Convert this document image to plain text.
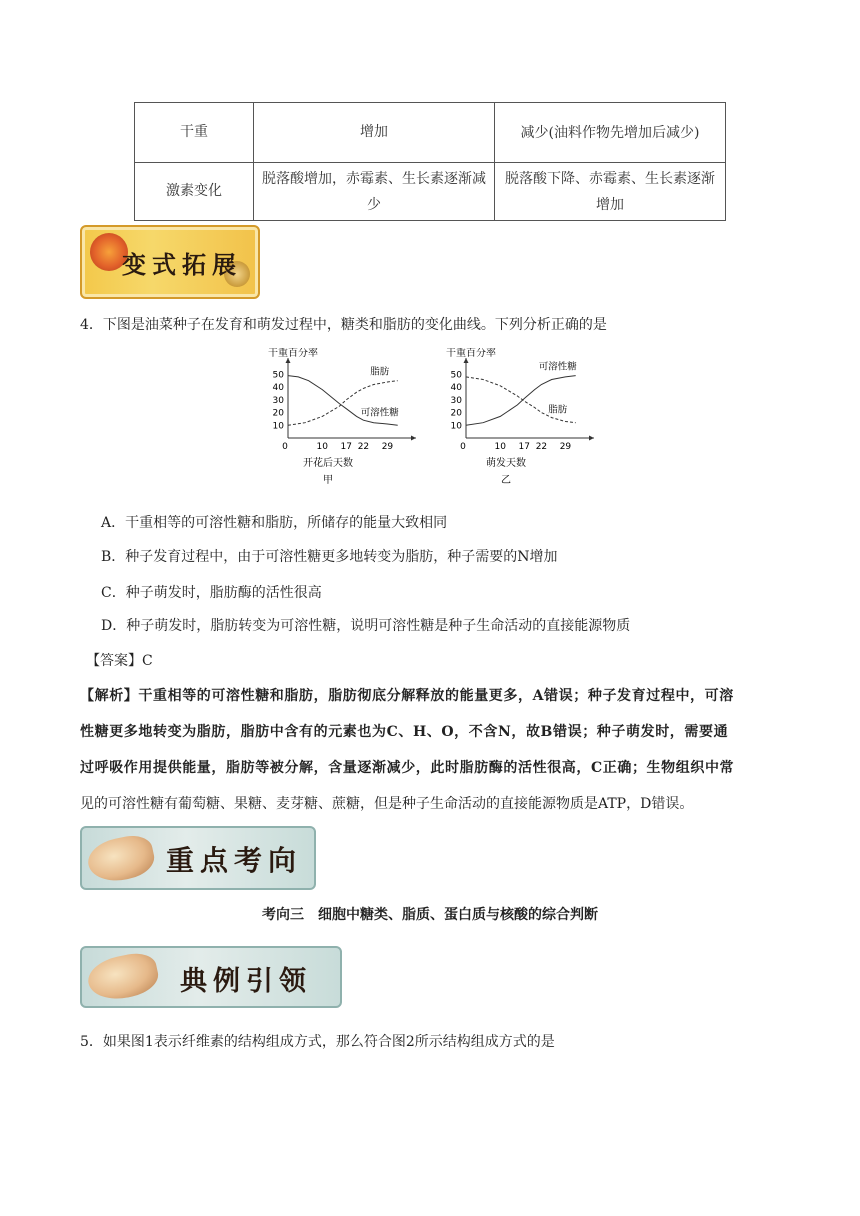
干重	增加	减少(油料作物先增加后减少)
激素变化	脱落酸增加，赤霉素、生长素逐渐减少	脱落酸下降、赤霉素、生长素逐渐增加
变式拓展
4．下图是油菜种子在发育和萌发过程中，糖类和脂肪的变化曲线。下列分析正确的是
0	10 17 22 29
10
20
30
40
50
干重百分率
开花后天数
甲
脂肪
可溶性糖
0	10 17 22 29
10
20
30
40
50
干重百分率
萌发天数
乙
可溶性糖
脂肪
A．干重相等的可溶性糖和脂肪，所储存的能量大致相同
B．种子发育过程中，由于可溶性糖更多地转变为脂肪，种子需要的N增加
C．种子萌发时，脂肪酶的活性很高
D．种子萌发时，脂肪转变为可溶性糖，说明可溶性糖是种子生命活动的直接能源物质
【答案】C
【解析】干重相等的可溶性糖和脂肪，脂肪彻底分解释放的能量更多，A错误；种子发育过程中，可溶
性糖更多地转变为脂肪，脂肪中含有的元素也为C、H、O，不含N，故B错误；种子萌发时，需要通
过呼吸作用提供能量，脂肪等被分解，含量逐渐减少，此时脂肪酶的活性很高，C正确；生物组织中常
见的可溶性糖有葡萄糖、果糖、麦芽糖、蔗糖，但是种子生命活动的直接能源物质是ATP，D错误。
重点考向
考向三　细胞中糖类、脂质、蛋白质与核酸的综合判断
典例引领
5．如果图1表示纤维素的结构组成方式，那么符合图2所示结构组成方式的是
